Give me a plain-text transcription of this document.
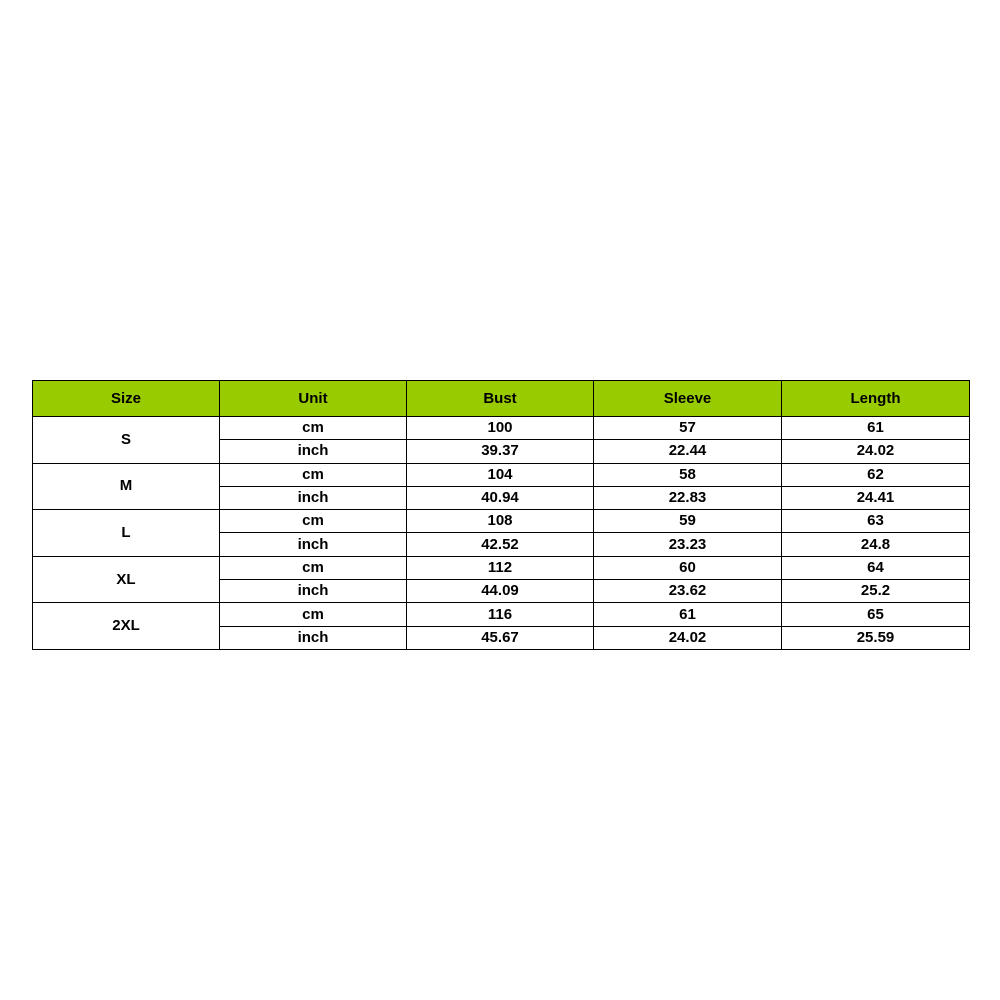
Size	Unit	Bust	Sleeve	Length
S	cm	100	57	61
	inch	39.37	22.44	24.02
M	cm	104	58	62
	inch	40.94	22.83	24.41
L	cm	108	59	63
	inch	42.52	23.23	24.8
XL	cm	112	60	64
	inch	44.09	23.62	25.2
2XL	cm	116	61	65
	inch	45.67	24.02	25.59
